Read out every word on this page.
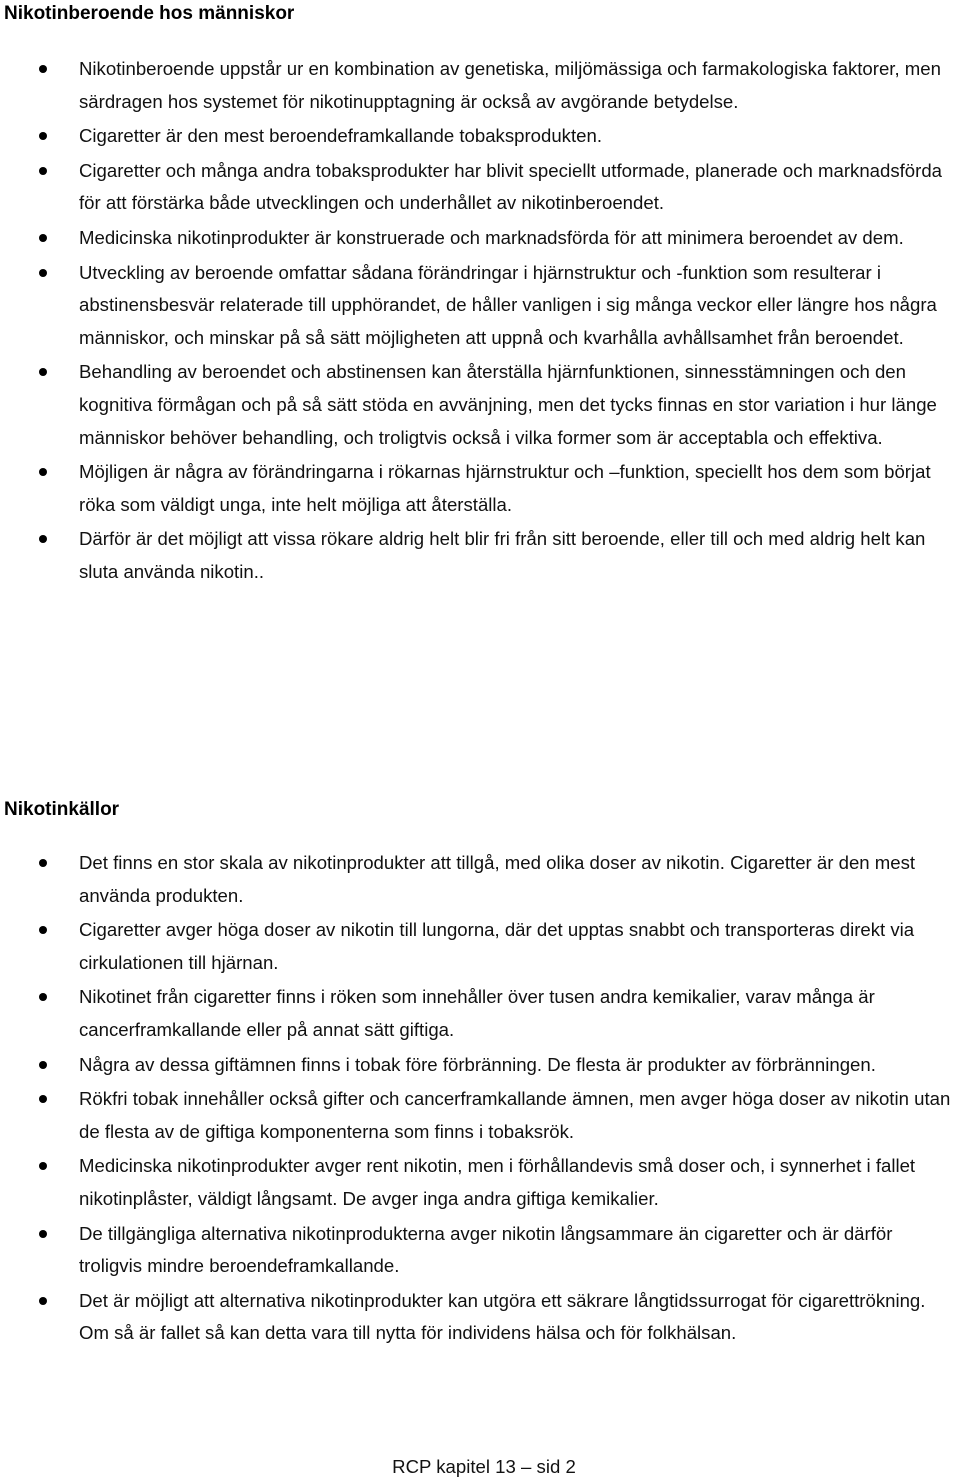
Nikotinberoende hos människor
Nikotinberoende uppstår ur en kombination av genetiska, miljömässiga och farmakologiska faktorer, men särdragen hos systemet för nikotinupptagning är också av avgörande betydelse.
Cigaretter är den mest beroendeframkallande tobaksprodukten.
Cigaretter och många andra tobaksprodukter har blivit speciellt utformade, planerade och marknadsförda för att förstärka både utvecklingen och underhållet av nikotinberoendet.
Medicinska nikotinprodukter är konstruerade och marknadsförda för att minimera beroendet av dem.
Utveckling av beroende omfattar sådana förändringar i hjärnstruktur och -funktion som resulterar i abstinensbesvär relaterade till upphörandet, de håller vanligen i sig många veckor eller längre hos några människor, och minskar på så sätt möjligheten att uppnå och kvarhålla avhållsamhet från beroendet.
Behandling av beroendet och abstinensen kan återställa hjärnfunktionen, sinnesstämningen och den kognitiva förmågan och på så sätt stöda en avvänjning, men det tycks finnas en stor variation i hur länge människor behöver behandling, och troligtvis också i vilka former som är acceptabla och effektiva.
Möjligen är några av förändringarna i rökarnas hjärnstruktur och –funktion, speciellt hos dem som börjat röka som väldigt unga, inte helt möjliga att återställa.
Därför är det möjligt att vissa rökare aldrig helt blir fri från sitt beroende, eller till och med aldrig helt kan sluta använda nikotin..
Nikotinkällor
Det finns en stor skala av nikotinprodukter att tillgå, med olika doser av nikotin. Cigaretter är den mest använda produkten.
Cigaretter avger höga doser av nikotin till lungorna, där det upptas snabbt och transporteras direkt via cirkulationen till hjärnan.
Nikotinet från cigaretter finns i röken som innehåller över tusen andra kemikalier, varav många är cancerframkallande eller på annat sätt giftiga.
Några av dessa giftämnen finns i tobak före förbränning. De flesta är produkter av förbränningen.
Rökfri tobak innehåller också gifter och cancerframkallande ämnen, men avger höga doser av nikotin utan de flesta av de giftiga komponenterna som finns i tobaksrök.
Medicinska nikotinprodukter avger rent nikotin, men i förhållandevis små doser och, i synnerhet i fallet nikotinplåster, väldigt långsamt. De avger inga andra giftiga kemikalier.
De tillgängliga alternativa nikotinprodukterna avger nikotin långsammare än cigaretter och är därför troligvis mindre beroendeframkallande.
Det är möjligt att alternativa nikotinprodukter kan utgöra ett säkrare långtidssurrogat för cigarettrökning. Om så är fallet så kan detta vara till nytta för individens hälsa och för folkhälsan.
RCP kapitel 13 – sid 2
